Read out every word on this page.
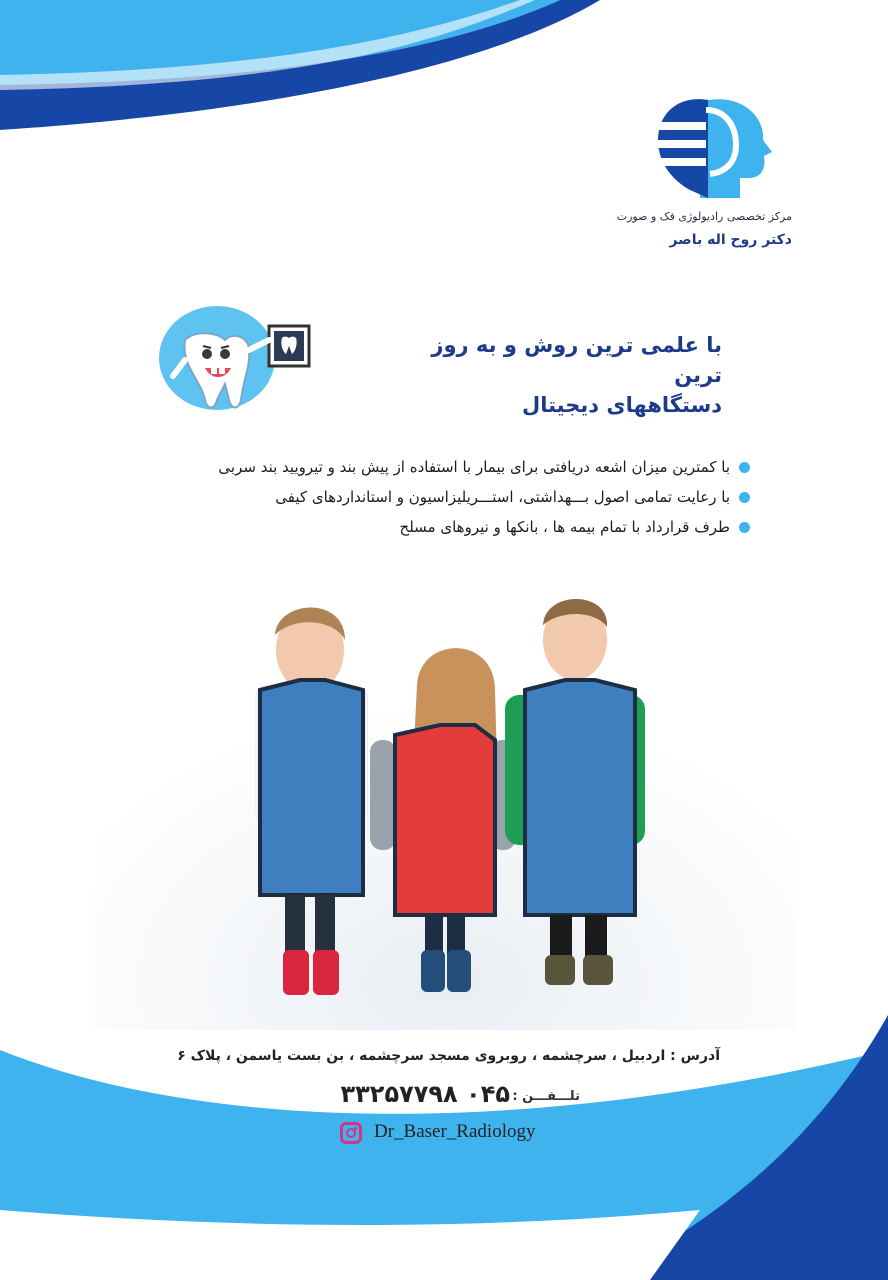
مرکز تخصصی رادیولوژی فک و صورت
دکتر روح اله باصر
با علمی ترین روش و به روز ترین
دستگاههای دیجیتال
با کمترین میزان اشعه دریافتی برای بیمار با استفاده از پیش بند و تیرویید بند سربی
با رعایت تمامی اصول بـــهداشتی، استـــریلیزاسیون و استانداردهای کیفی
طرف قرارداد با تمام بیمه ها ، بانکها و نیروهای مسلح
آدرس : اردبیل ، سرچشمه ، روبروی مسجد سرچشمه ، بن بست یاسمن ، پلاک ۶
تلـــفـــن :
۰۴۵ ۳۳۲۵۷۷۹۸
Dr_Baser_Radiology
